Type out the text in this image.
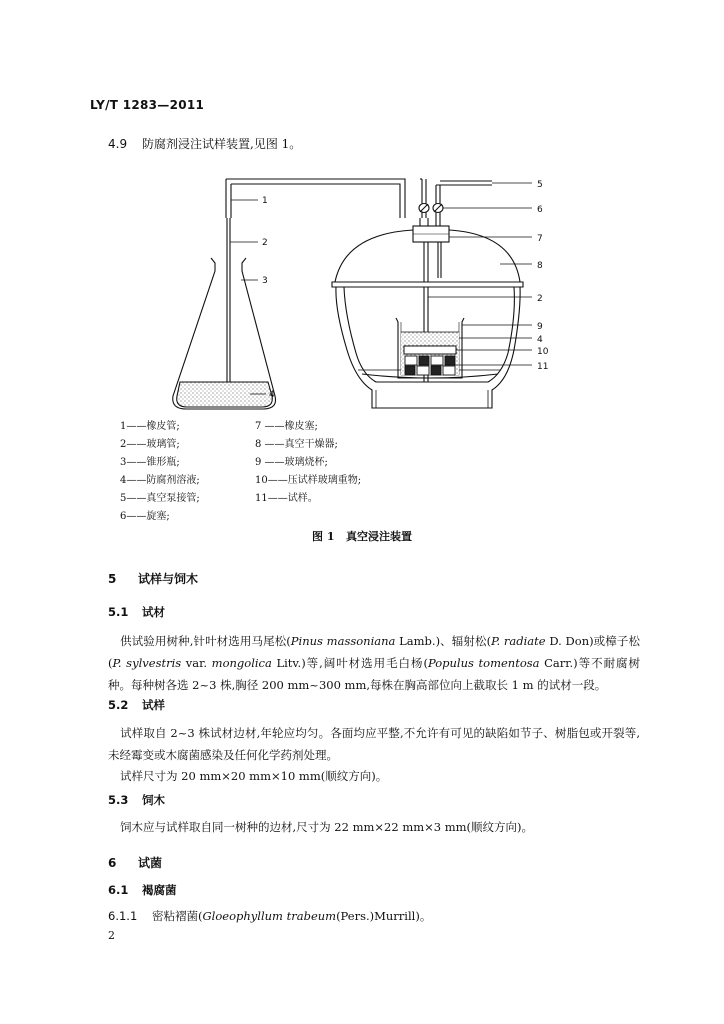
LY/T 1283—2011
4.9 防腐剂浸注试样装置,见图 1。
1
2
3
4
5
6
7
8
2
9
4
10
11
1——橡皮管;	7 ——橡皮塞;
2——玻璃管;	8 ——真空干燥器;
3——锥形瓶;	9 ——玻璃烧杯;
4——防腐剂溶液;	10——压试样玻璃重物;
5——真空泵接管;	11——试样。
6——旋塞;
图 1   真空浸注装置
5 试样与饲木
5.1 试材
供试验用树种,针叶材选用马尾松(Pinus massoniana Lamb.)、辐射松(P. radiate D. Don)或樟子松(P. sylvestris var. mongolica Litv.)等,阔叶材选用毛白杨(Populus tomentosa Carr.)等不耐腐树种。每种树各选 2~3 株,胸径 200 mm~300 mm,每株在胸高部位向上截取长 1 m 的试材一段。
5.2 试样
试样取自 2~3 株试材边材,年轮应均匀。各面均应平整,不允许有可见的缺陷如节子、树脂包或开裂等,未经霉变或木腐菌感染及任何化学药剂处理。
试样尺寸为 20 mm×20 mm×10 mm(顺纹方向)。
5.3 饲木
饲木应与试样取自同一树种的边材,尺寸为 22 mm×22 mm×3 mm(顺纹方向)。
6 试菌
6.1 褐腐菌
6.1.1 密粘褶菌(Gloeophyllum trabeum(Pers.)Murrill)。
2
